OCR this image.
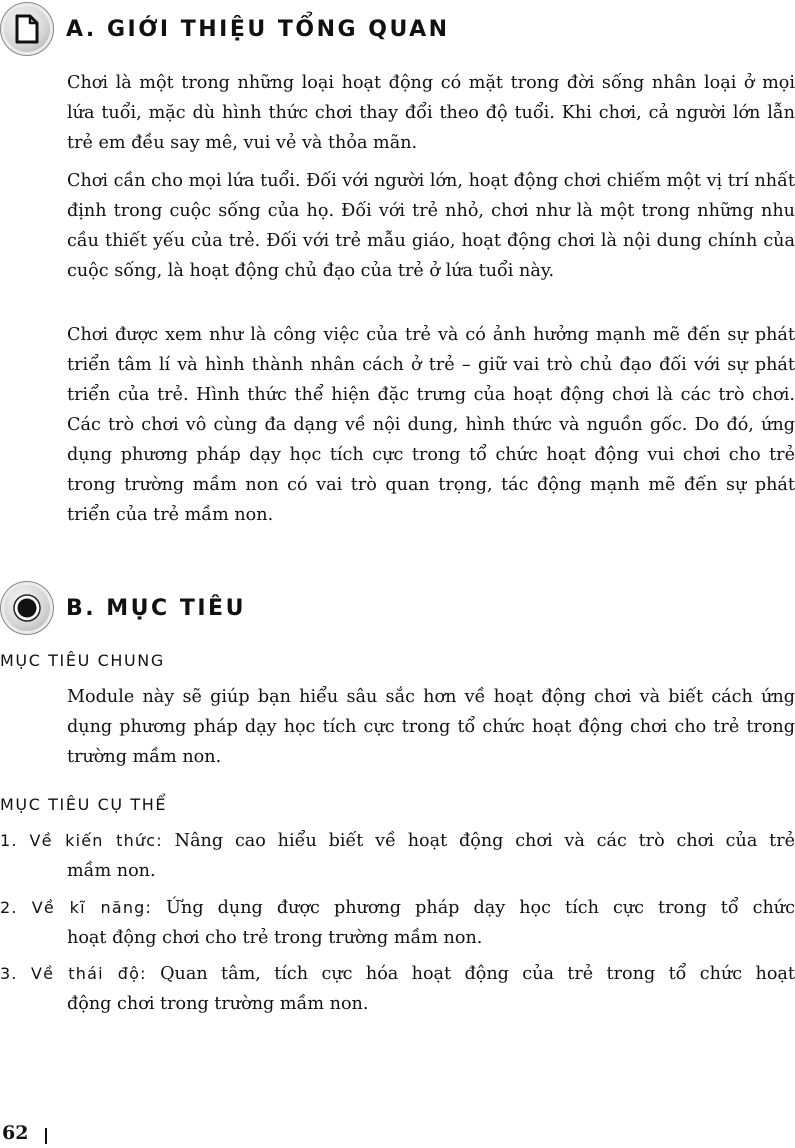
A. GIỚI THIỆU TỔNG QUAN

Chơi là một trong những loại hoạt động có mặt trong đời sống nhân loại ở mọi lứa tuổi, mặc dù hình thức chơi thay đổi theo độ tuổi. Khi chơi, cả người lớn lẫn trẻ em đều say mê, vui vẻ và thỏa mãn.

Chơi cần cho mọi lứa tuổi. Đối với người lớn, hoạt động chơi chiếm một vị trí nhất định trong cuộc sống của họ. Đối với trẻ nhỏ, chơi như là một trong những nhu cầu thiết yếu của trẻ. Đối với trẻ mẫu giáo, hoạt động chơi là nội dung chính của cuộc sống, là hoạt động chủ đạo của trẻ ở lứa tuổi này.

Chơi được xem như là công việc của trẻ và có ảnh hưởng mạnh mẽ đến sự phát triển tâm lí và hình thành nhân cách ở trẻ – giữ vai trò chủ đạo đối với sự phát triển của trẻ. Hình thức thể hiện đặc trưng của hoạt động chơi là các trò chơi. Các trò chơi vô cùng đa dạng về nội dung, hình thức và nguồn gốc. Do đó, ứng dụng phương pháp dạy học tích cực trong tổ chức hoạt động vui chơi cho trẻ trong trường mầm non có vai trò quan trọng, tác động mạnh mẽ đến sự phát triển của trẻ mầm non.

B. MỤC TIÊU
MỤC TIÊU CHUNG

Module này sẽ giúp bạn hiểu sâu sắc hơn về hoạt động chơi và biết cách ứng dụng phương pháp dạy học tích cực trong tổ chức hoạt động chơi cho trẻ trong trường mầm non.

MỤC TIÊU CỤ THỂ
1. Về kiến thức: Nâng cao hiểu biết về hoạt động chơi và các trò chơi của trẻ
mầm non.
2. Về kĩ năng: Ứng dụng được phương pháp dạy học tích cực trong tổ chức
hoạt động chơi cho trẻ trong trường mầm non.
3. Về thái độ: Quan tâm, tích cực hóa hoạt động của trẻ trong tổ chức hoạt
động chơi trong trường mầm non.
62
